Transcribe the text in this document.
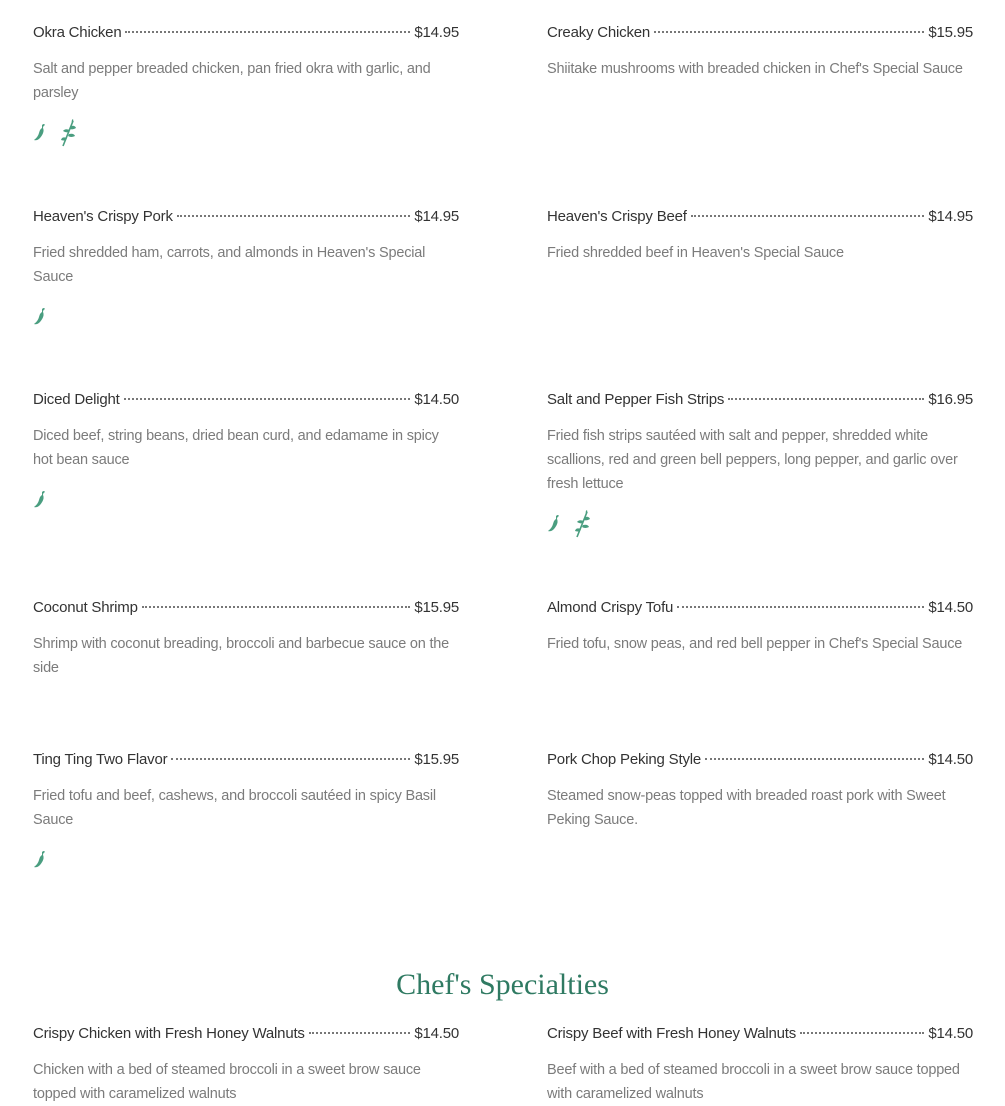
Okra Chicken	$14.95
Salt and pepper breaded chicken, pan fried okra with garlic, and parsley
Creaky Chicken	$15.95
Shiitake mushrooms with breaded chicken in Chef's Special Sauce
Heaven's Crispy Pork	$14.95
Fried shredded ham, carrots, and almonds in Heaven's Special Sauce
Heaven's Crispy Beef	$14.95
Fried shredded beef in Heaven's Special Sauce
Diced Delight	$14.50
Diced beef, string beans, dried bean curd, and edamame in spicy hot bean sauce
Salt and Pepper Fish Strips	$16.95
Fried fish strips sautéed with salt and pepper, shredded white scallions, red and green bell peppers, long pepper, and garlic over fresh lettuce
Coconut Shrimp	$15.95
Shrimp with coconut breading, broccoli and barbecue sauce on the side
Almond Crispy Tofu	$14.50
Fried tofu, snow peas, and red bell pepper in Chef's Special Sauce
Ting Ting Two Flavor	$15.95
Fried tofu and beef, cashews, and broccoli sautéed in spicy Basil Sauce
Pork Chop Peking Style	$14.50
Steamed snow-peas topped with breaded roast pork with Sweet Peking Sauce.
Crispy Chicken with Fresh Honey Walnuts	$14.50
Chicken with a bed of steamed broccoli in a sweet brow sauce topped with caramelized walnuts
Crispy Beef with Fresh Honey Walnuts	$14.50
Beef with a bed of steamed broccoli in a sweet brow sauce topped with caramelized walnuts
Chef's Specialties
